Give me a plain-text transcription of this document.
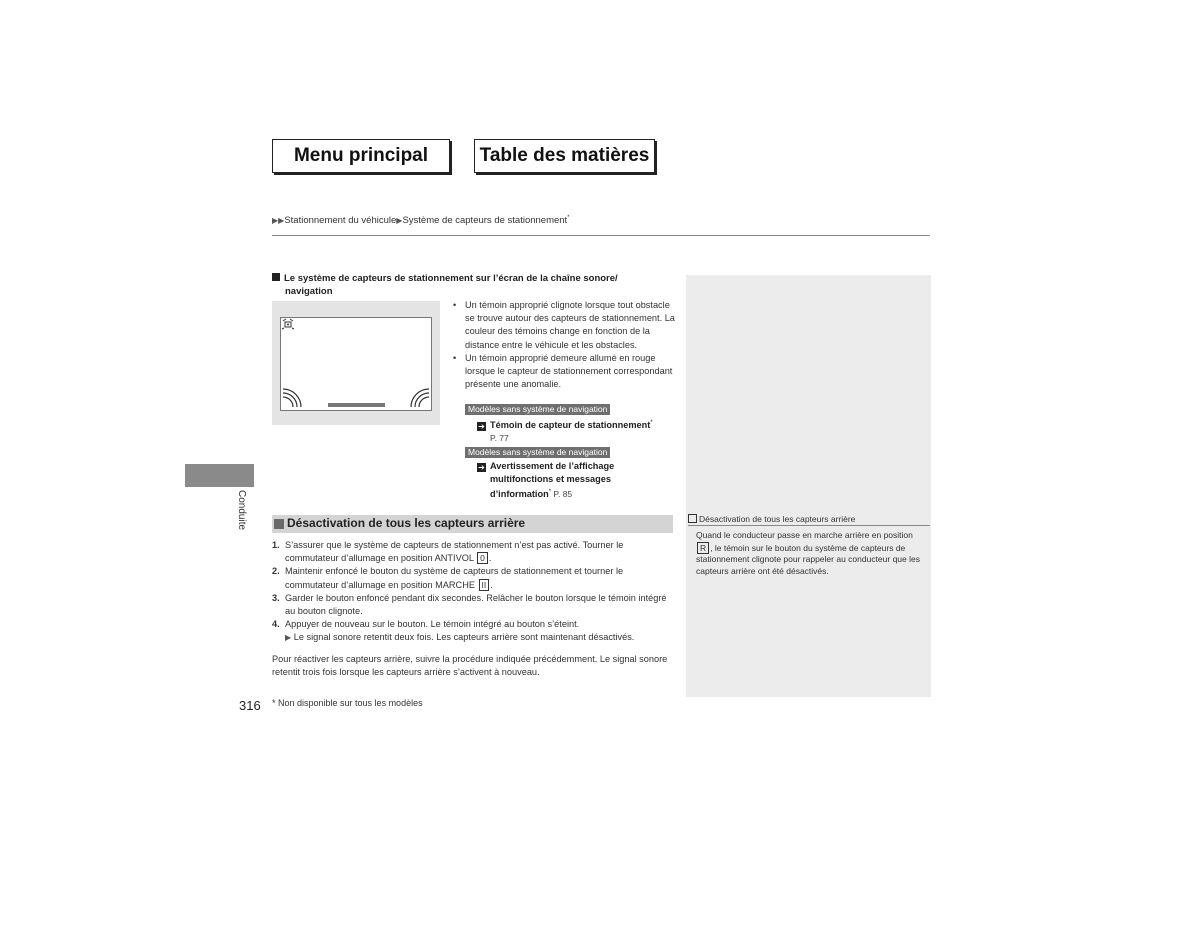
Menu principal	Table des matières
▶▶Stationnement du véhicule▶Système de capteurs de stationnement*
Conduite
Le système de capteurs de stationnement sur l’écran de la chaîne sonore/
navigation
• Un témoin approprié clignote lorsque tout obstacle se trouve autour des capteurs de stationnement. La couleur des témoins change en fonction de la distance entre le véhicule et les obstacles.
• Un témoin approprié demeure allumé en rouge lorsque le capteur de stationnement correspondant présente une anomalie.
Modèles sans système de navigation
➔ Témoin de capteur de stationnement*
P. 77
Modèles sans système de navigation
➔ Avertissement de l’affichage
multifonctions et messages
d’information* P. 85
Désactivation de tous les capteurs arrière
1. S’assurer que le système de capteurs de stationnement n’est pas activé. Tourner le commutateur d’allumage en position ANTIVOL 0 .
2. Maintenir enfoncé le bouton du système de capteurs de stationnement et tourner le commutateur d’allumage en position MARCHE II .
3. Garder le bouton enfoncé pendant dix secondes. Relâcher le bouton lorsque le témoin intégré au bouton clignote.
4. Appuyer de nouveau sur le bouton. Le témoin intégré au bouton s’éteint.
▶ Le signal sonore retentit deux fois. Les capteurs arrière sont maintenant désactivés.
Pour réactiver les capteurs arrière, suivre la procédure indiquée précédemment. Le signal sonore retentit trois fois lorsque les capteurs arrière s’activent à nouveau.
Désactivation de tous les capteurs arrière
Quand le conducteur passe en marche arrière en position R , le témoin sur le bouton du système de capteurs de stationnement clignote pour rappeler au conducteur que les capteurs arrière ont été désactivés.
316 * Non disponible sur tous les modèles
